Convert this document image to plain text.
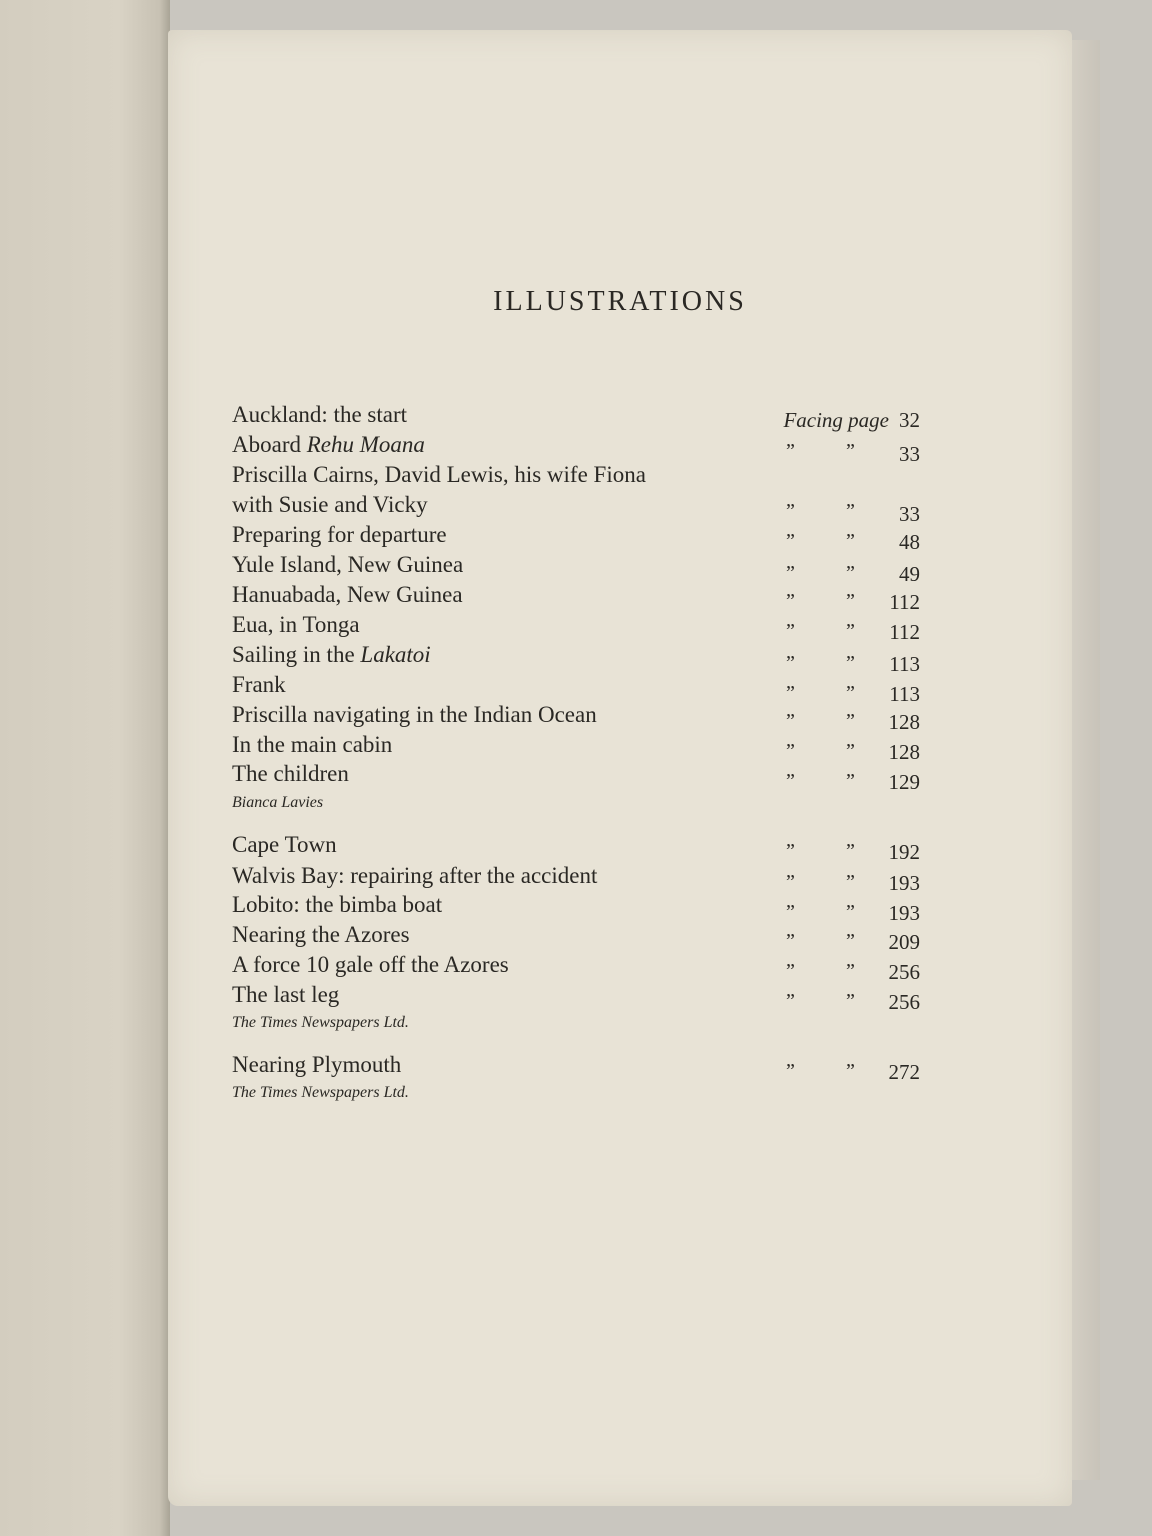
ILLUSTRATIONS
Auckland: the start	Facing page 32
Aboard Rehu Moana	”	” 33
Priscilla Cairns, David Lewis, his wife Fiona
with Susie and Vicky	”	” 33
Preparing for departure	”	” 48
Yule Island, New Guinea	”	” 49
Hanuabada, New Guinea	”	” 112
Eua, in Tonga	”	” 112
Sailing in the Lakatoi	”	” 113
Frank	”	” 113
Priscilla navigating in the Indian Ocean	”	” 128
In the main cabin	”	” 128
The children	”	” 129
Bianca Lavies
Cape Town	”	” 192
Walvis Bay: repairing after the accident	”	” 193
Lobito: the bimba boat	”	” 193
Nearing the Azores	”	” 209
A force 10 gale off the Azores	”	” 256
The last leg	”	” 256
The Times Newspapers Ltd.
Nearing Plymouth	”	” 272
The Times Newspapers Ltd.
